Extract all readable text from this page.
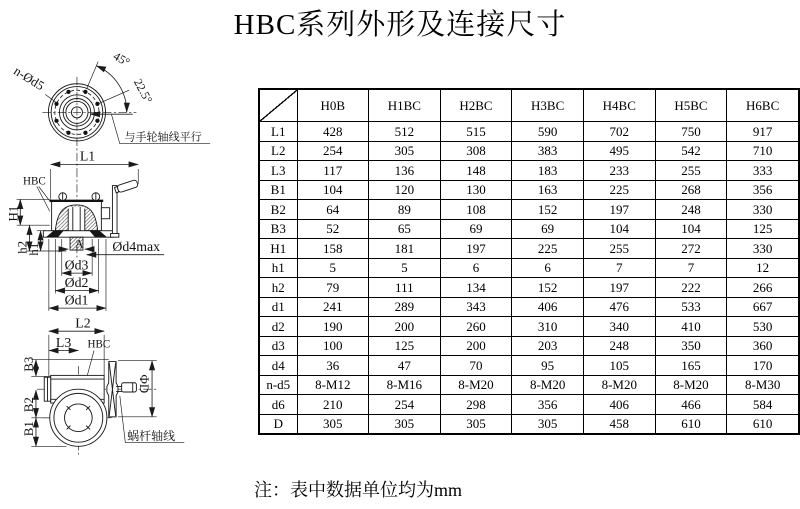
HBC系列外形及连接尺寸
45°
22.5°
n-Ød5
与手轮轴线平行
L1
HBC
H1
h2
h1	A Ød4max
Ød3
Ød2
Ød1
L2
L3 HBC
ΦD
B3
B2
B1	蜗杆轴线
	H0B	H1BC	H2BC	H3BC	H4BC	H5BC	H6BC
L1	428	512	515	590	702	750	917
L2	254	305	308	383	495	542	710
L3	117	136	148	183	233	255	333
B1	104	120	130	163	225	268	356
B2	64	89	108	152	197	248	330
B3	52	65	69	69	104	104	125
H1	158	181	197	225	255	272	330
h1	5	5	6	6	7	7	12
h2	79	111	134	152	197	222	266
d1	241	289	343	406	476	533	667
d2	190	200	260	310	340	410	530
d3	100	125	200	203	248	350	360
d4	36	47	70	95	105	165	170
n-d5	8-M12	8-M16	8-M20	8-M20	8-M20	8-M20	8-M30
d6	210	254	298	356	406	466	584
D	305	305	305	305	458	610	610
注：表中数据单位均为mm
